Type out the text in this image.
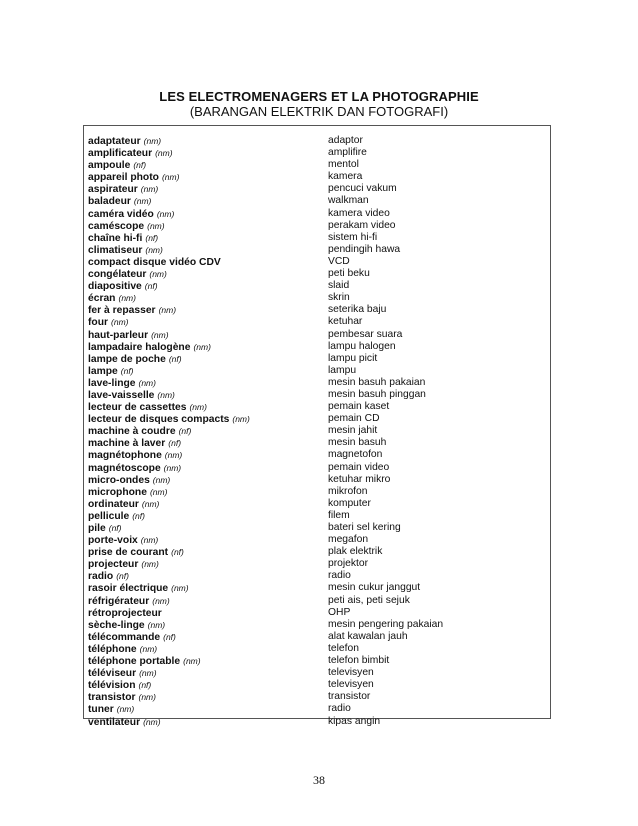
LES ELECTROMENAGERS ET LA PHOTOGRAPHIE
(BARANGAN ELEKTRIK DAN FOTOGRAFI)
adaptateur (nm)	adaptor
amplificateur (nm)	amplifire
ampoule (nf)	mentol
appareil photo (nm)	kamera
aspirateur (nm)	pencuci vakum
baladeur (nm)	walkman
caméra vidéo (nm)	kamera video
caméscope (nm)	perakam video
chaîne hi-fi (nf)	sistem hi-fi
climatiseur (nm)	pendingih hawa
compact disque vidéo CDV	VCD
congélateur (nm)	peti beku
diapositive (nf)	slaid
écran (nm)	skrin
fer à repasser (nm)	seterika baju
four (nm)	ketuhar
haut-parleur (nm)	pembesar suara
lampadaire halogène (nm)	lampu halogen
lampe de poche (nf)	lampu picit
lampe (nf)	lampu
lave-linge (nm)	mesin basuh pakaian
lave-vaisselle (nm)	mesin basuh pinggan
lecteur de cassettes (nm)	pemain kaset
lecteur de disques compacts (nm)	pemain CD
machine à coudre (nf)	mesin jahit
machine à laver (nf)	mesin basuh
magnétophone (nm)	magnetofon
magnétoscope (nm)	pemain video
micro-ondes (nm)	ketuhar mikro
microphone (nm)	mikrofon
ordinateur (nm)	komputer
pellicule (nf)	filem
pile (nf)	bateri sel kering
porte-voix (nm)	megafon
prise de courant (nf)	plak elektrik
projecteur (nm)	projektor
radio (nf)	radio
rasoir électrique (nm)	mesin cukur janggut
réfrigérateur (nm)	peti ais, peti sejuk
rétroprojecteur	OHP
sèche-linge (nm)	mesin pengering pakaian
télécommande (nf)	alat kawalan jauh
téléphone (nm)	telefon
téléphone portable (nm)	telefon bimbit
téléviseur (nm)	televisyen
télévision (nf)	televisyen
transistor (nm)	transistor
tuner (nm)	radio
ventilateur (nm)	kipas angin
38
